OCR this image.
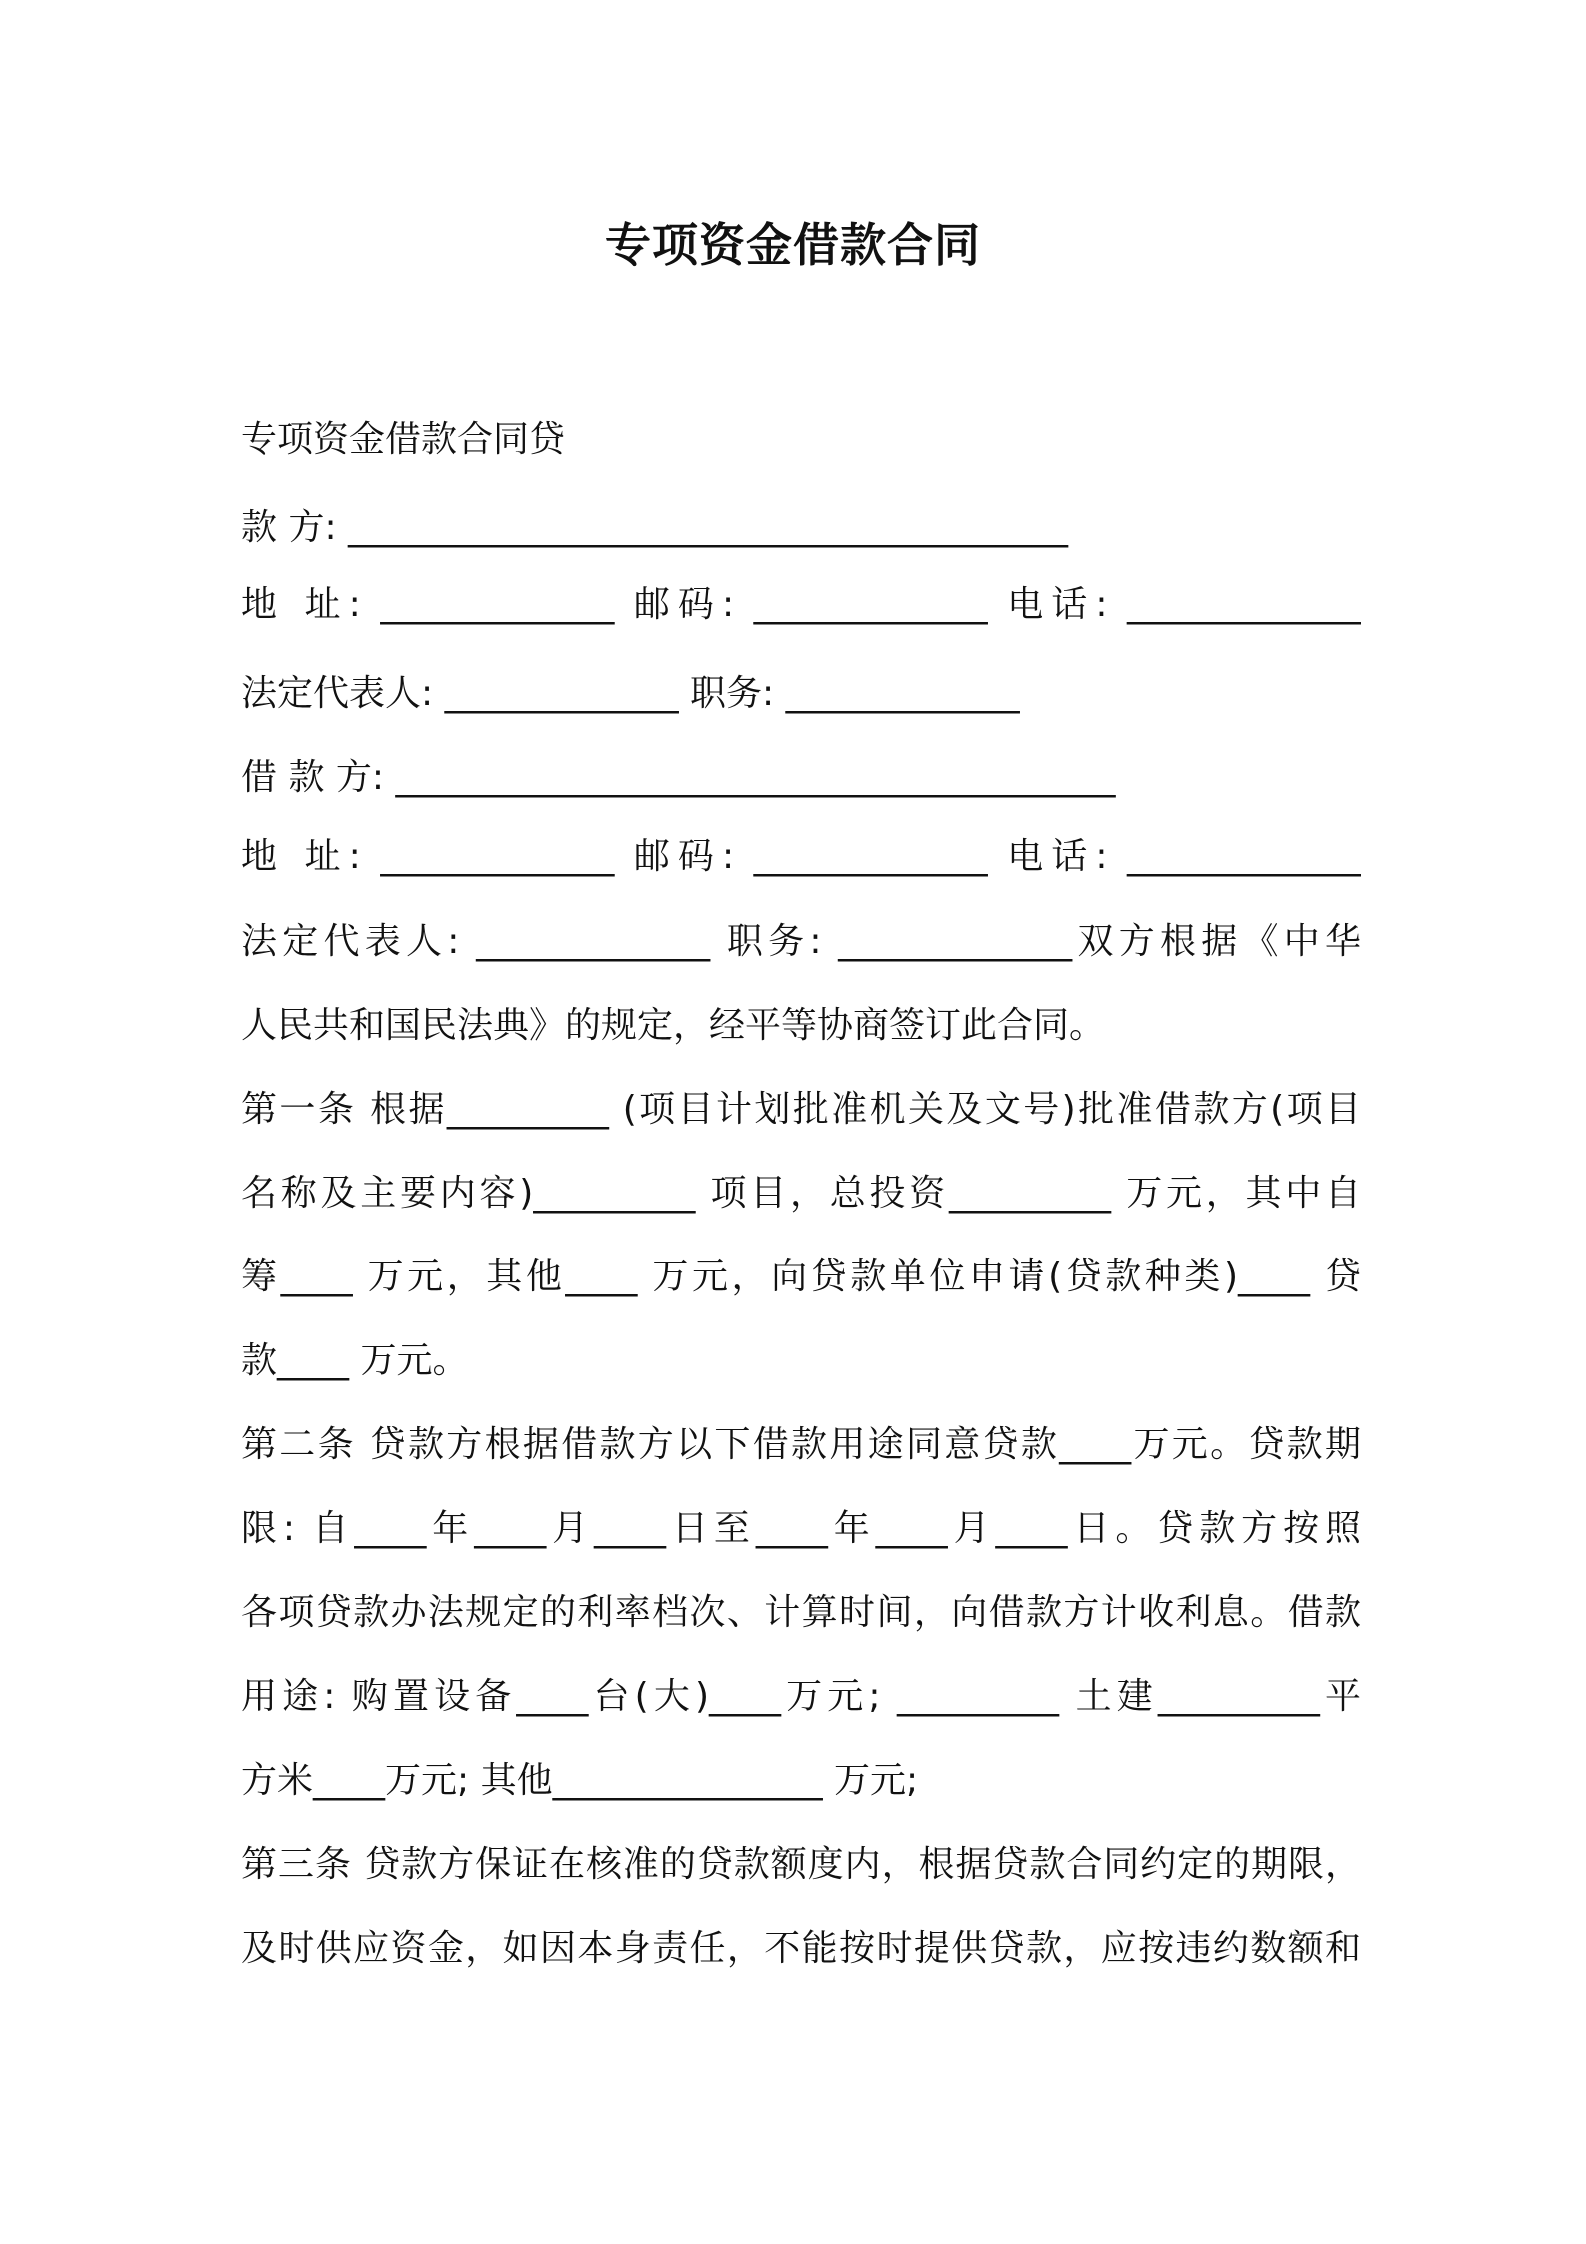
专项资金借款合同
专项资金借款合同贷
款 方: ________________________________________
地 址: _____________ 邮码: _____________ 电话: _____________
法定代表人: _____________ 职务: _____________
借 款 方: ________________________________________
地 址: _____________ 邮码: _____________ 电话: _____________
法定代表人: _____________ 职务: _____________双方根据《中华
人民共和国民法典》的规定，经平等协商签订此合同。
第一条 根据_________ (项目计划批准机关及文号)批准借款方(项目
名称及主要内容)_________ 项目，总投资_________ 万元，其中自
筹____ 万元，其他____ 万元，向贷款单位申请(贷款种类)____ 贷
款____ 万元。
第二条 贷款方根据借款方以下借款用途同意贷款____万元。贷款期
限: 自____年____月____日至____年____月____日。贷款方按照
各项贷款办法规定的利率档次、计算时间，向借款方计收利息。借款
用途: 购置设备____台(大)____万元; _________ 土建_________平
方米____万元; 其他_______________ 万元;
第三条 贷款方保证在核准的贷款额度内，根据贷款合同约定的期限，
及时供应资金，如因本身责任，不能按时提供贷款，应按违约数额和
